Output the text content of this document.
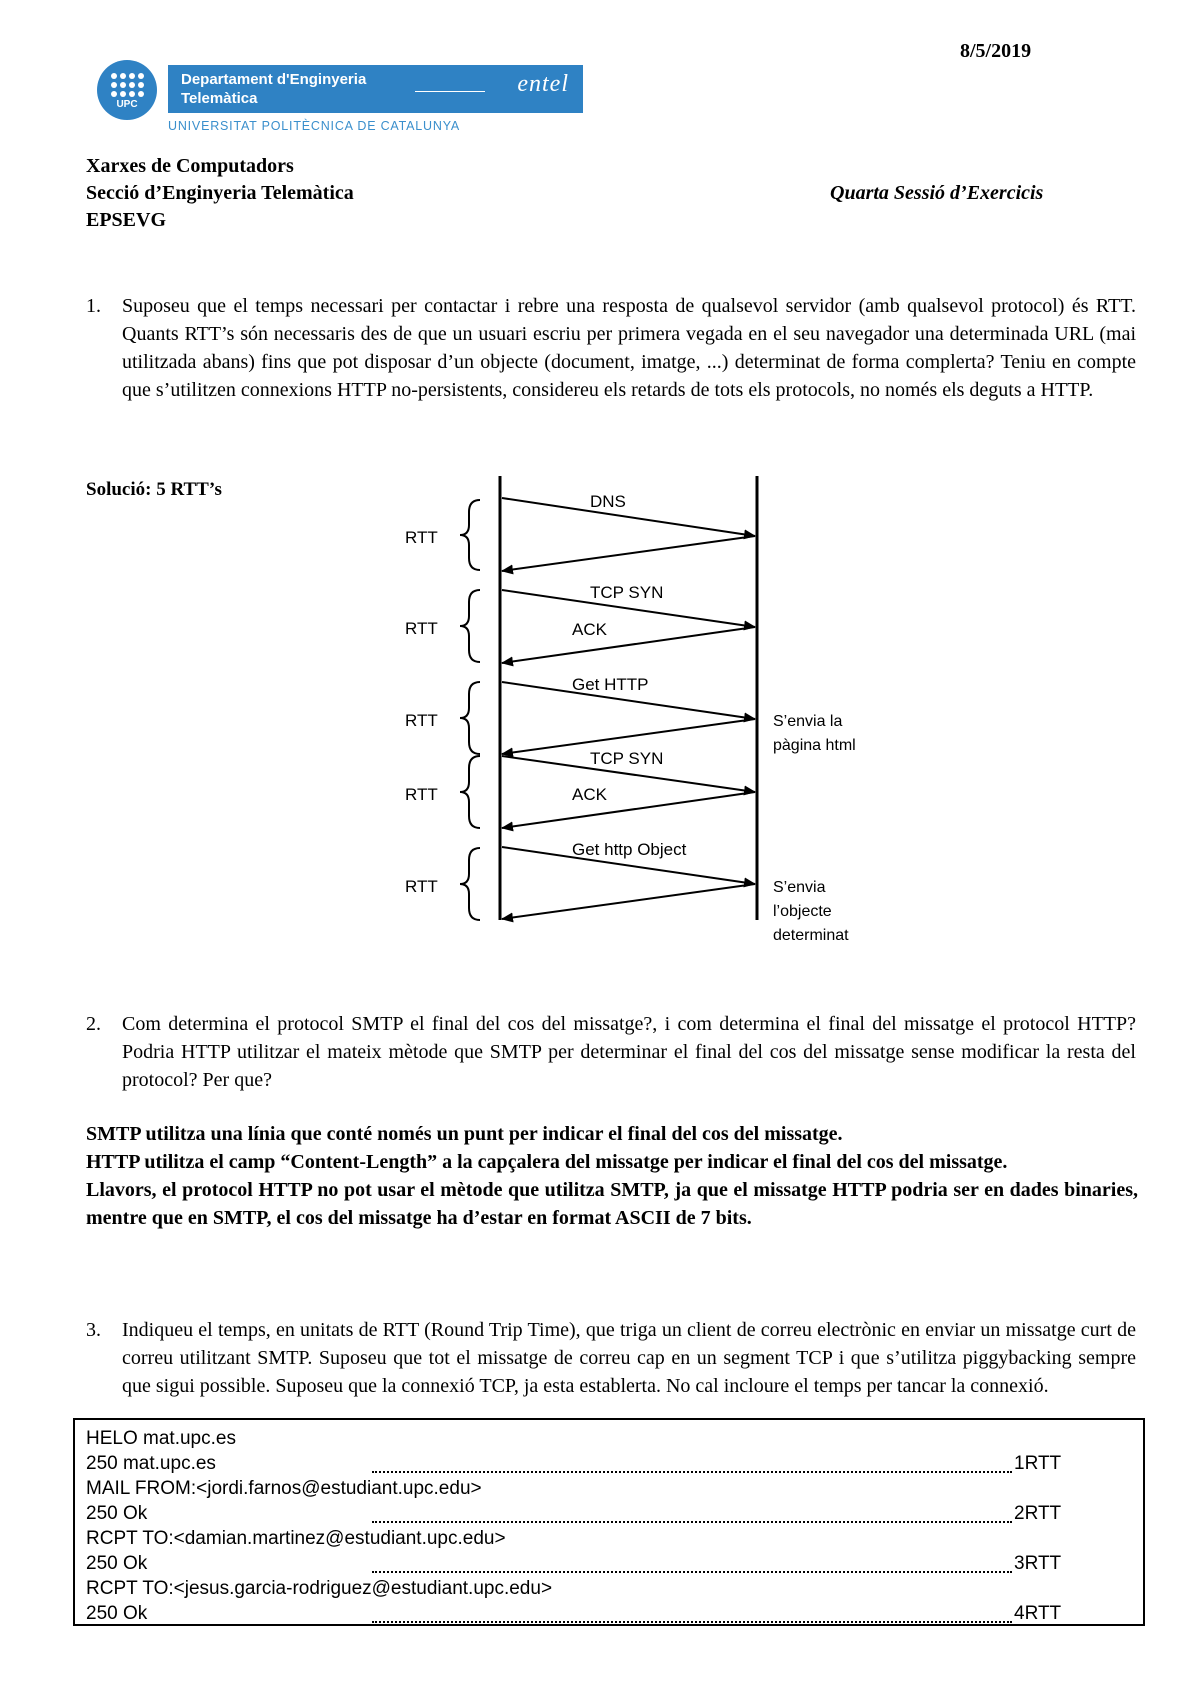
8/5/2019
UPC
Departament d'Enginyeria
Telemàtica
entel
UNIVERSITAT POLITÈCNICA DE CATALUNYA
Xarxes de Computadors
Secció d’Enginyeria Telemàtica
EPSEVG
Quarta Sessió d’Exercicis
1. Suposeu que el temps necessari per contactar i rebre una resposta de qualsevol servidor (amb qualsevol protocol) és RTT. Quants RTT’s són necessaris des de que un usuari escriu per primera vegada en el seu navegador una determinada URL (mai utilitzada abans) fins que pot disposar d’un objecte (document, imatge, ...) determinat de forma complerta? Teniu en compte que s’utilitzen connexions HTTP no-persistents, considereu els retards de tots els protocols, no només els deguts a HTTP.
Solució: 5 RTT’s
RTT
RTT
RTT
RTT
RTT
DNS
TCP SYN
ACK
Get HTTP
TCP SYN
ACK
Get http Object
S’envia la
pàgina html
S’envia
l’objecte
determinat
2. Com determina el protocol SMTP el final del cos del missatge?, i com determina el final del missatge el protocol HTTP? Podria HTTP utilitzar el mateix mètode que SMTP per determinar el final del cos del missatge sense modificar la resta del protocol? Per que?
SMTP utilitza una línia que conté només un punt per indicar el final del cos del missatge.
HTTP utilitza el camp “Content-Length” a la capçalera del missatge per indicar el final del cos del missatge.
Llavors, el protocol HTTP no pot usar el mètode que utilitza SMTP, ja que el missatge HTTP podria ser en dades binaries, mentre que en SMTP, el cos del missatge ha d’estar en format ASCII de 7 bits.
3. Indiqueu el temps, en unitats de RTT (Round Trip Time), que triga un client de correu electrònic en enviar un missatge curt de correu utilitzant SMTP. Suposeu que tot el missatge de correu cap en un segment TCP i que s’utilitza piggybacking sempre que sigui possible. Suposeu que la connexió TCP, ja esta establerta. No cal incloure el temps per tancar la connexió.
HELO mat.upc.es
250 mat.upc.es	1RTT
MAIL FROM:<jordi.farnos@estudiant.upc.edu>
250 Ok	2RTT
RCPT TO:<damian.martinez@estudiant.upc.edu>
250 Ok	3RTT
RCPT TO:<jesus.garcia-rodriguez@estudiant.upc.edu>
250 Ok	4RTT
